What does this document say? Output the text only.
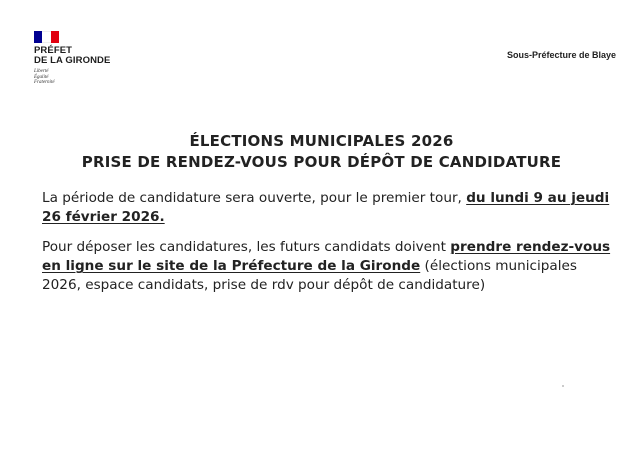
PRÉFET
DE LA GIRONDE
Liberté
Égalité
Fraternité
Sous-Préfecture de Blaye
ÉLECTIONS MUNICIPALES 2026
PRISE DE RENDEZ-VOUS POUR DÉPÔT DE CANDIDATURE
La période de candidature sera ouverte, pour le premier tour, du lundi 9 au jeudi 26 février 2026.
Pour déposer les candidatures, les futurs candidats doivent prendre rendez-vous en ligne sur le site de la Préfecture de la Gironde (élections municipales 2026, espace candidats, prise de rdv pour dépôt de candidature)
